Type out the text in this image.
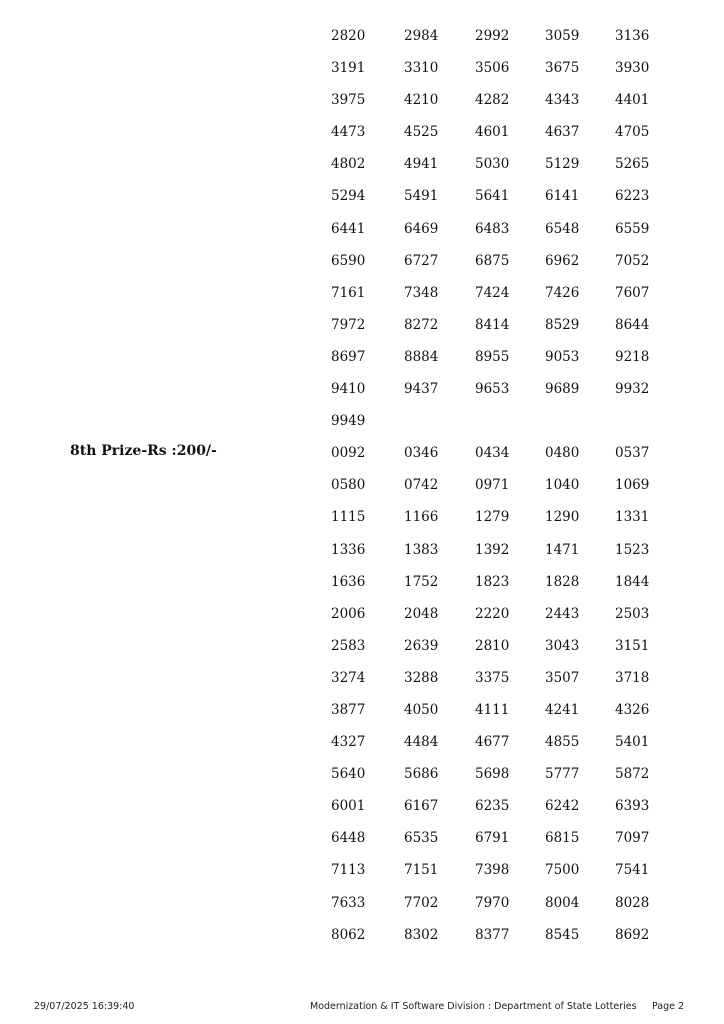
2820	2984	2992	3059	3136
3191	3310	3506	3675	3930
3975	4210	4282	4343	4401
4473	4525	4601	4637	4705
4802	4941	5030	5129	5265
5294	5491	5641	6141	6223
6441	6469	6483	6548	6559
6590	6727	6875	6962	7052
7161	7348	7424	7426	7607
7972	8272	8414	8529	8644
8697	8884	8955	9053	9218
9410	9437	9653	9689	9932
9949
8th Prize-Rs :200/-	0092	0346	0434	0480	0537
0580	0742	0971	1040	1069
1115	1166	1279	1290	1331
1336	1383	1392	1471	1523
1636	1752	1823	1828	1844
2006	2048	2220	2443	2503
2583	2639	2810	3043	3151
3274	3288	3375	3507	3718
3877	4050	4111	4241	4326
4327	4484	4677	4855	5401
5640	5686	5698	5777	5872
6001	6167	6235	6242	6393
6448	6535	6791	6815	7097
7113	7151	7398	7500	7541
7633	7702	7970	8004	8028
8062	8302	8377	8545	8692
29/07/2025 16:39:40	Modernization & IT Software Division : Department of State Lotteries Page 2
